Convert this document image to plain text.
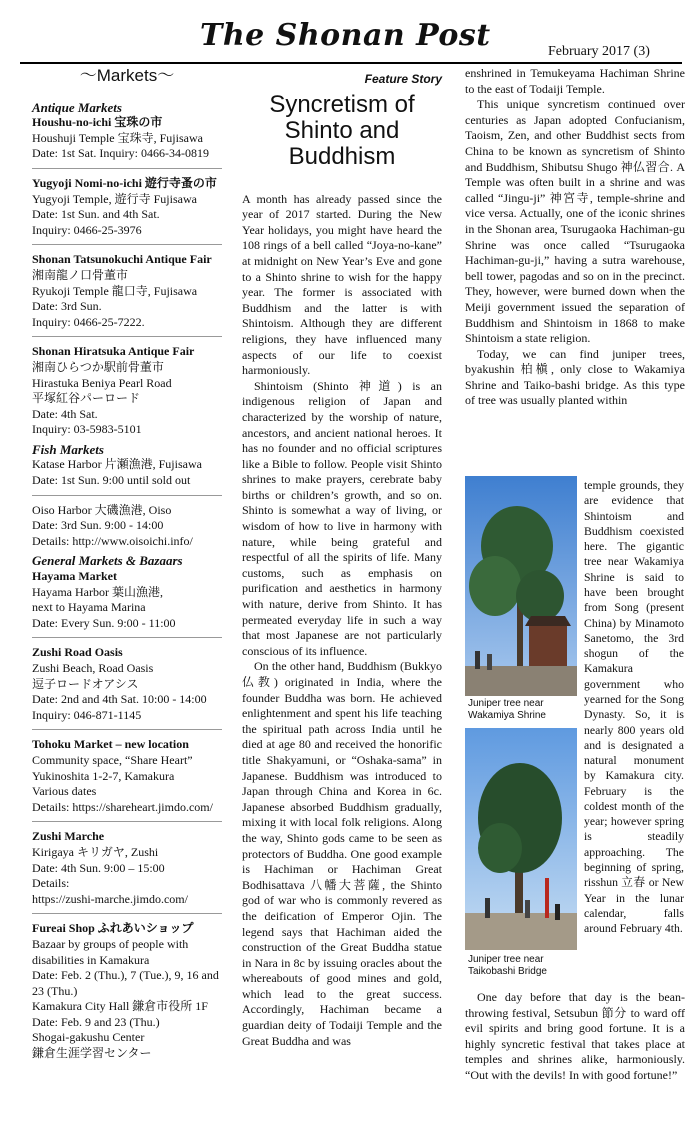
The Shonan Post	February 2017 (3)
〜Markets〜
Antique Markets
Houshu-no-ichi 宝珠の市
Houshuji Temple 宝珠寺, Fujisawa
Date: 1st Sat. Inquiry: 0466-34-0819
Yugyoji Nomi-no-ichi 遊行寺蚤の市
Yugyoji Temple, 遊行寺 Fujisawa
Date: 1st Sun. and 4th Sat.
Inquiry: 0466-25-3976
Shonan Tatsunokuchi Antique Fair
湘南龍ノ口骨董市
Ryukoji Temple 龍口寺, Fujisawa
Date: 3rd Sun.
Inquiry: 0466-25-7222.
Shonan Hiratsuka Antique Fair
湘南ひらつか駅前骨董市
Hirastuka Beniya Pearl Road
平塚紅谷パーロード
Date: 4th Sat.
Inquiry: 03-5983-5101
Fish Markets
Katase Harbor 片瀬漁港, Fujisawa
Date: 1st Sun. 9:00 until sold out
Oiso Harbor 大磯漁港, Oiso
Date: 3rd Sun. 9:00 - 14:00
Details: http://www.oisoichi.info/
General Markets & Bazaars
Hayama Market
Hayama Harbor 葉山漁港,
next to Hayama Marina
Date: Every Sun. 9:00 - 11:00
Zushi Road Oasis
Zushi Beach, Road Oasis
逗子ロードオアシス
Date: 2nd and 4th Sat. 10:00 - 14:00
Inquiry: 046-871-1145
Tohoku Market – new location
Community space, “Share Heart”
Yukinoshita 1-2-7, Kamakura
Various dates
Details: https://shareheart.jimdo.com/
Zushi Marche
Kirigaya キリガヤ, Zushi
Date: 4th Sun. 9:00 – 15:00
Details:
https://zushi-marche.jimdo.com/
Fureai Shop ふれあいショップ
Bazaar by groups of people with disabilities in Kamakura
Date: Feb. 2 (Thu.), 7 (Tue.), 9, 16 and 23 (Thu.)
Kamakura City Hall 鎌倉市役所 1F
Date: Feb. 9 and 23 (Thu.)
Shogai-gakushu Center
鎌倉生涯学習センター
Feature Story
Syncretism of Shinto and Buddhism

A month has already passed since the year of 2017 started. During the New Year holidays, you might have heard the 108 rings of a bell called “Joya-no-kane” at midnight on New Year’s Eve and gone to a Shinto shrine to wish for the happy year. The former is associated with Buddhism and the latter is with Shintoism. Although they are different religions, they have influenced many aspects of our life to coexist harmoniously.

Shintoism (Shinto 神道) is an indigenous religion of Japan and characterized by the worship of nature, ancestors, and ancient national heroes. It has no founder and no official scriptures like a Bible to follow. People visit Shinto shrines to make prayers, cerebrate baby births or children’s growth, and so on. Shinto is somewhat a way of living, or wisdom of how to live in harmony with nature, while being grateful and respectful of all the spirits of life. Many customs, such as emphasis on purification and aesthetics in harmony with nature, derive from Shinto. It has permeated everyday life in such a way that most Japanese are not particularly conscious of its influence.

On the other hand, Buddhism (Bukkyo 仏教) originated in India, where the founder Buddha was born. He achieved enlightenment and spent his life teaching the spiritual path across India until he died at age 80 and received the honorific title Shakyamuni, or “Oshaka-sama” in Japanese. Buddhism was introduced to Japan through China and Korea in 6c. Japanese absorbed Buddhism gradually, mixing it with local folk religions. Along the way, Shinto gods came to be seen as protectors of Buddha. One good example is Hachiman or Hachiman Great Bodhisattava 八幡大菩薩, the Shinto god of war who is commonly revered as the deification of Emperor Ojin. The legend says that Hachiman aided the construction of the Great Buddha statue in Nara in 8c by issuing oracles about the whereabouts of good mines and gold, which lead to the great success. Accordingly, Hachiman became a guardian deity of Todaiji Temple and the Great Buddha and was

enshrined in Temukeyama Hachiman Shrine to the east of Todaiji Temple.

This unique syncretism continued over centuries as Japan adopted Confucianism, Taoism, Zen, and other Buddhist sects from China to be known as syncretism of Shinto and Buddhism, Shibutsu Shugo 神仏習合. A Temple was often built in a shrine and was called “Jingu-ji” 神宮寺, temple-shrine and vice versa. Actually, one of the iconic shrines in the Shonan area, Tsurugaoka Hachiman-gu Shrine was once called “Tsurugaoka Hachiman-gu-ji,” having a sutra warehouse, bell tower, pagodas and so on in the precinct. They, however, were burned down when the Meiji government issued the separation of Buddhism and Shintoism in 1868 to make Shintoism a state religion.

Today, we can find juniper trees, byakushin 柏槇, only close to Wakamiya Shrine and Taiko-bashi bridge. As this type of tree was usually planted within

Juniper tree near Wakamiya Shrine
Juniper tree near Taikobashi Bridge
temple grounds, they are evidence that Shintoism and Buddhism coexisted here. The gigantic tree near Wakamiya Shrine is said to have been brought from Song (present China) by Minamoto Sanetomo, the 3rd shogun of the Kamakura government who yearned for the Song Dynasty. So, it is nearly 800 years old and is designated a natural monument by Kamakura city. February is the coldest month of the year; however spring is steadily approaching. The beginning of spring, risshun 立春 or New Year in the lunar calendar, falls around February 4th.

One day before that day is the bean-throwing festival, Setsubun 節分 to ward off evil spirits and bring good fortune. It is a highly syncretic festival that takes place at temples and shrines alike, harmoniously. “Out with the devils! In with good fortune!”
